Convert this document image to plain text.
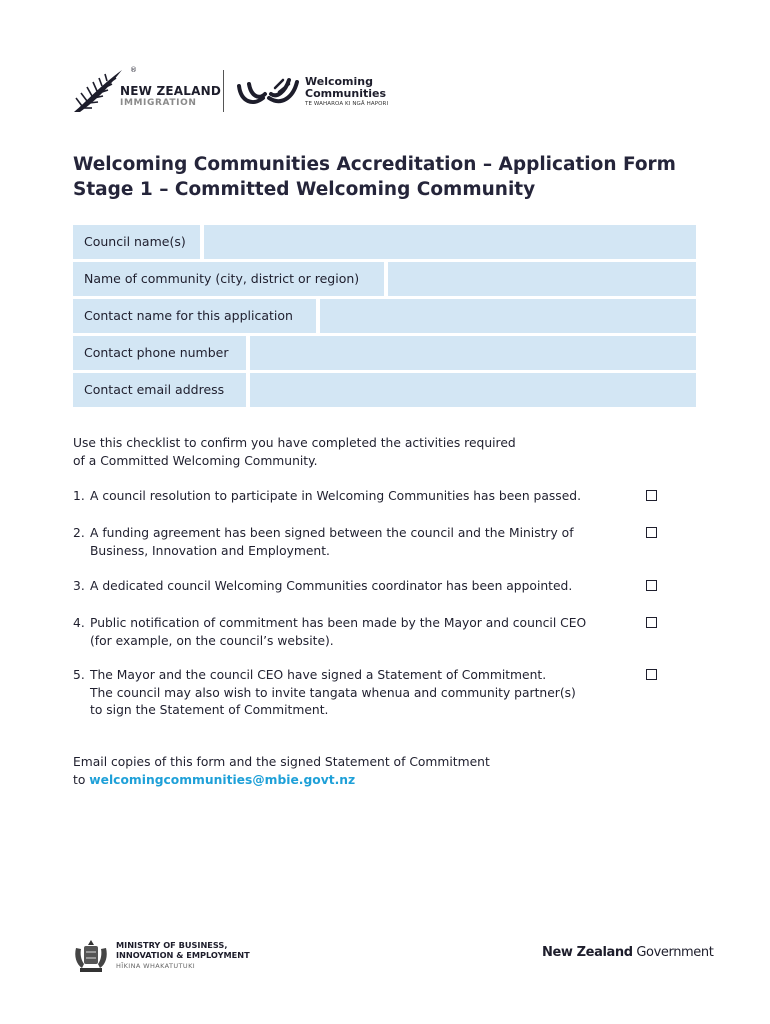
®
NEW ZEALAND
IMMIGRATION
Welcoming
Communities
TE WAHAROA KI NGĀ HAPORI
Welcoming Communities Accreditation – Application Form
Stage 1 – Committed Welcoming Community
Council name(s)
Name of community (city, district or region)
Contact name for this application
Contact phone number
Contact email address
Use this checklist to confirm you have completed the activities required
of a Committed Welcoming Community.
1. A council resolution to participate in Welcoming Communities has been passed.
2. A funding agreement has been signed between the council and the Ministry of
Business, Innovation and Employment.
3. A dedicated council Welcoming Communities coordinator has been appointed.
4. Public notification of commitment has been made by the Mayor and council CEO
(for example, on the council’s website).
5. The Mayor and the council CEO have signed a Statement of Commitment.
The council may also wish to invite tangata whenua and community partner(s)
to sign the Statement of Commitment.
Email copies of this form and the signed Statement of Commitment
to welcomingcommunities@mbie.govt.nz
MINISTRY OF BUSINESS,
INNOVATION & EMPLOYMENT
HĪKINA WHAKATUTUKI
New Zealand Government
